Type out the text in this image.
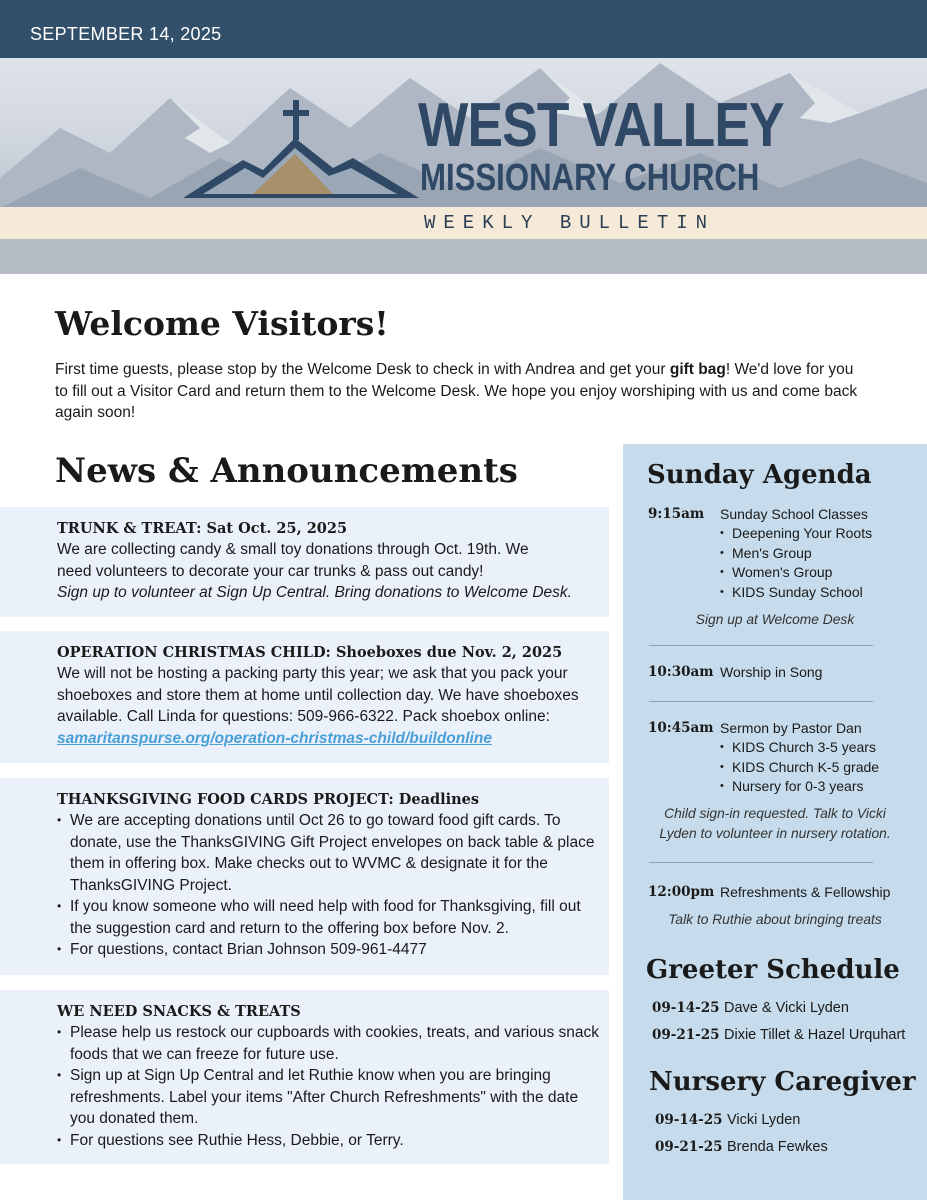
SEPTEMBER 14, 2025
WEEKLY BULLETIN
WEST VALLEY
MISSIONARY CHURCH
Welcome Visitors!

First time guests, please stop by the Welcome Desk to check in with Andrea and get your gift bag! We'd love for you to fill out a Visitor Card and return them to the Welcome Desk. We hope you enjoy worshiping with us and come back again soon!

News & Announcements
TRUNK & TREAT: Sat Oct. 25, 2025

We are collecting candy & small toy donations through Oct. 19th. We need volunteers to decorate your car trunks & pass out candy!

Sign up to volunteer at Sign Up Central. Bring donations to Welcome Desk.

OPERATION CHRISTMAS CHILD: Shoeboxes due Nov. 2, 2025

We will not be hosting a packing party this year; we ask that you pack your shoeboxes and store them at home until collection day. We have shoeboxes available. Call Linda for questions: 509-966-6322. Pack shoebox online: samaritanspurse.org/operation-christmas-child/buildonline

THANKSGIVING FOOD CARDS PROJECT: Deadlines
• We are accepting donations until Oct 26 to go toward food gift cards. To donate, use the ThanksGIVING Gift Project envelopes on back table & place them in offering box. Make checks out to WVMC & designate it for the ThanksGIVING Project.
• If you know someone who will need help with food for Thanksgiving, fill out the suggestion card and return to the offering box before Nov. 2.
• For questions, contact Brian Johnson 509-961-4477
WE NEED SNACKS & TREATS
• Please help us restock our cupboards with cookies, treats, and various snack foods that we can freeze for future use.
• Sign up at Sign Up Central and let Ruthie know when you are bringing refreshments. Label your items "After Church Refreshments" with the date you donated them.
• For questions see Ruthie Hess, Debbie, or Terry.
Sunday Agenda
9:15am Sunday School Classes
• Deepening Your Roots
• Men's Group
• Women's Group
• KIDS Sunday School
Sign up at Welcome Desk
10:30am Worship in Song
10:45am Sermon by Pastor Dan
• KIDS Church 3-5 years
• KIDS Church K-5 grade
• Nursery for 0-3 years
Child sign-in requested. Talk to Vicki
Lyden to volunteer in nursery rotation.
12:00pm Refreshments & Fellowship
Talk to Ruthie about bringing treats
Greeter Schedule
09-14-25 Dave & Vicki Lyden
09-21-25 Dixie Tillet & Hazel Urquhart
Nursery Caregiver
09-14-25 Vicki Lyden
09-21-25 Brenda Fewkes
